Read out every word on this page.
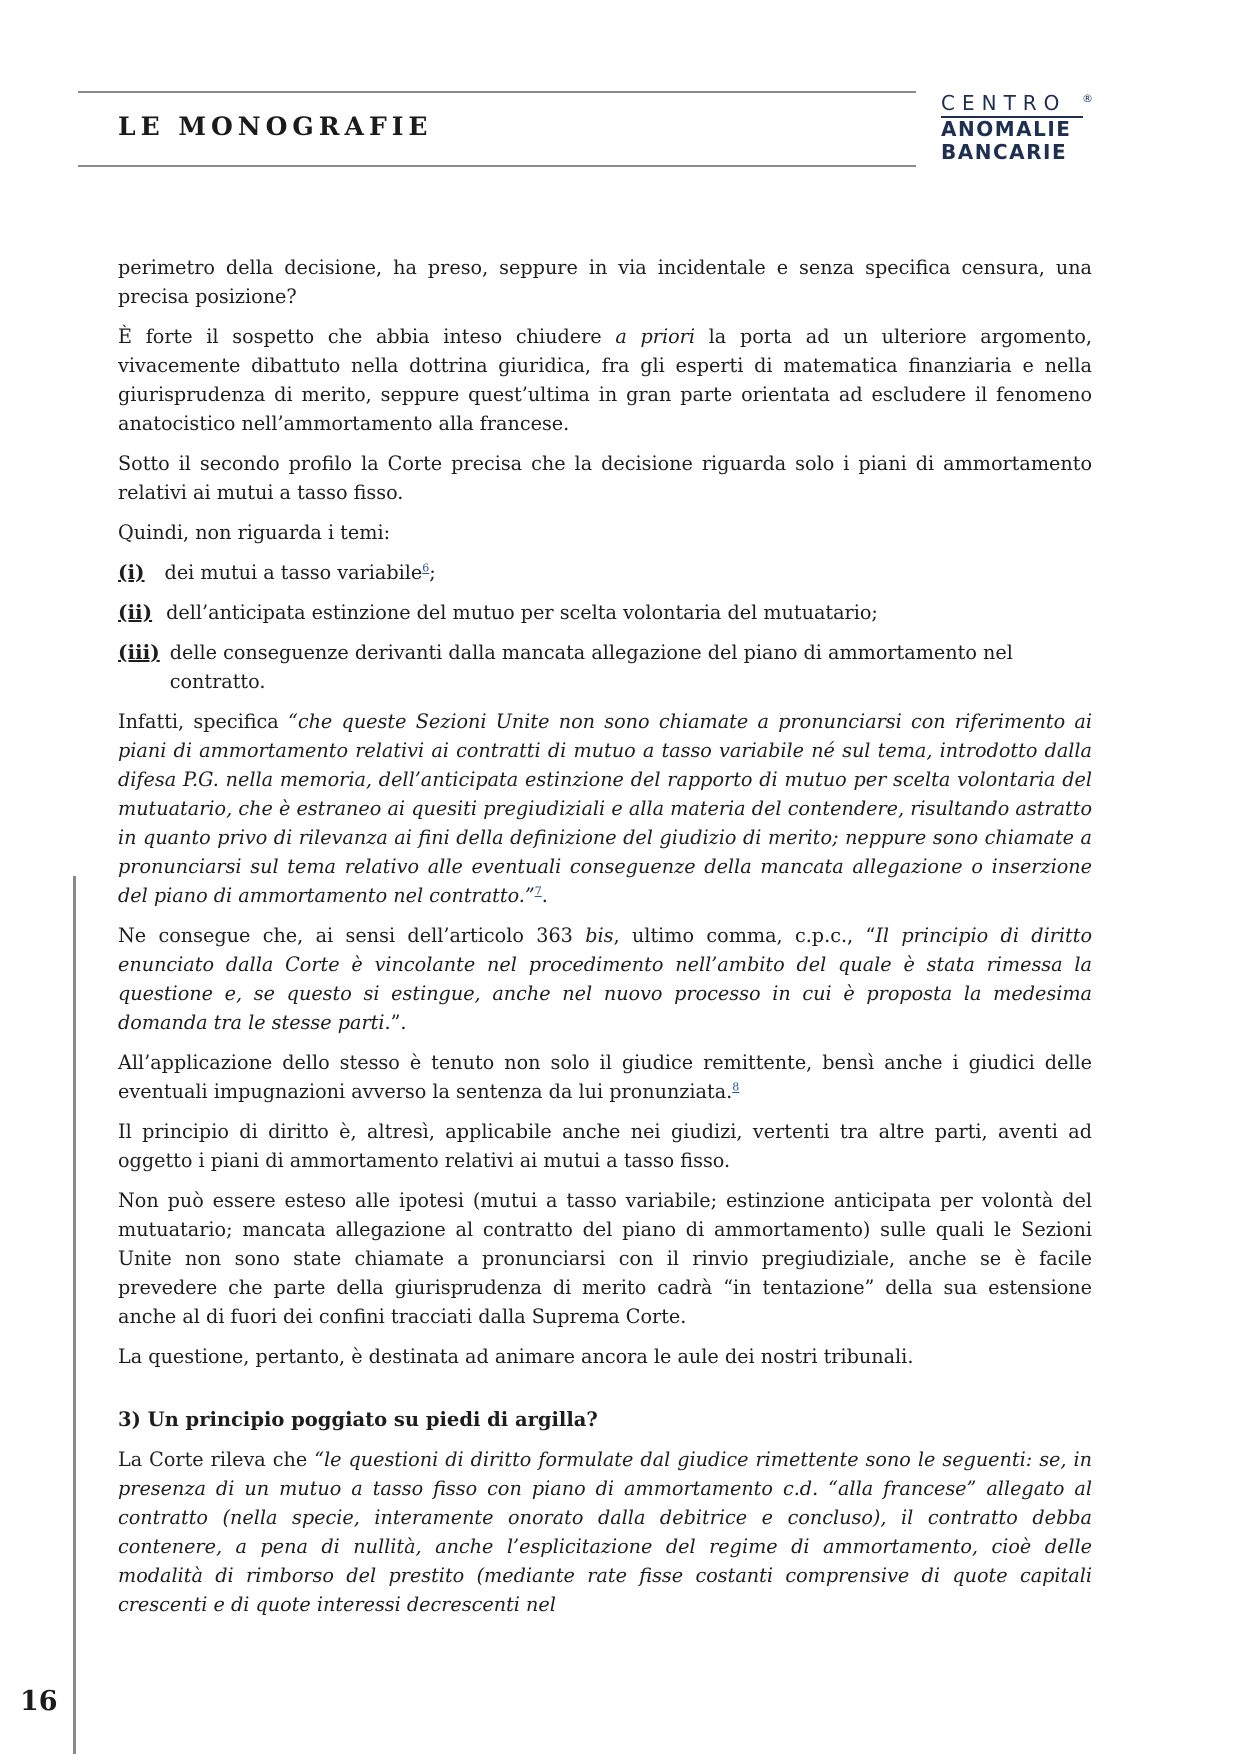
LE MONOGRAFIE
CENTRO ®
ANOMALIE
BANCARIE

perimetro della decisione, ha preso, seppure in via incidentale e senza specifica censura, una precisa posizione?

È forte il sospetto che abbia inteso chiudere a priori la porta ad un ulteriore argomento, vivacemente dibattuto nella dottrina giuridica, fra gli esperti di matematica finanziaria e nella giurisprudenza di merito, seppure quest’ultima in gran parte orientata ad escludere il fenomeno anatocistico nell’ammortamento alla francese.

Sotto il secondo profilo la Corte precisa che la decisione riguarda solo i piani di ammortamento relativi ai mutui a tasso fisso.

Quindi, non riguarda i temi:

(i) dei mutui a tasso variabile$^6$;
(ii) dell’anticipata estinzione del mutuo per scelta volontaria del mutuatario;
(iii) delle conseguenze derivanti dalla mancata allegazione del piano di ammortamento nel contratto.

Infatti, specifica “che queste Sezioni Unite non sono chiamate a pronunciarsi con riferimento ai piani di ammortamento relativi ai contratti di mutuo a tasso variabile né sul tema, introdotto dalla difesa P.G. nella memoria, dell’anticipata estinzione del rapporto di mutuo per scelta volontaria del mutuatario, che è estraneo ai quesiti pregiudiziali e alla materia del contendere, risultando astratto in quanto privo di rilevanza ai fini della definizione del giudizio di merito; neppure sono chiamate a pronunciarsi sul tema relativo alle eventuali conseguenze della mancata allegazione o inserzione del piano di ammortamento nel contratto.”$^7$.

Ne consegue che, ai sensi dell’articolo 363 bis, ultimo comma, c.p.c., “Il principio di diritto enunciato dalla Corte è vincolante nel procedimento nell’ambito del quale è stata rimessa la questione e, se questo si estingue, anche nel nuovo processo in cui è proposta la medesima domanda tra le stesse parti.”.

All’applicazione dello stesso è tenuto non solo il giudice remittente, bensì anche i giudici delle eventuali impugnazioni avverso la sentenza da lui pronunziata.$^8$

Il principio di diritto è, altresì, applicabile anche nei giudizi, vertenti tra altre parti, aventi ad oggetto i piani di ammortamento relativi ai mutui a tasso fisso.

Non può essere esteso alle ipotesi (mutui a tasso variabile; estinzione anticipata per volontà del mutuatario; mancata allegazione al contratto del piano di ammortamento) sulle quali le Sezioni Unite non sono state chiamate a pronunciarsi con il rinvio pregiudiziale, anche se è facile prevedere che parte della giurisprudenza di merito cadrà “in tentazione” della sua estensione anche al di fuori dei confini tracciati dalla Suprema Corte.

La questione, pertanto, è destinata ad animare ancora le aule dei nostri tribunali.

3) Un principio poggiato su piedi di argilla?

La Corte rileva che “le questioni di diritto formulate dal giudice rimettente sono le seguenti: se, in presenza di un mutuo a tasso fisso con piano di ammortamento c.d. “alla francese” allegato al contratto (nella specie, interamente onorato dalla debitrice e concluso), il contratto debba contenere, a pena di nullità, anche l’esplicitazione del regime di ammortamento, cioè delle modalità di rimborso del prestito (mediante rate fisse costanti comprensive di quote capitali crescenti e di quote interessi decrescenti nel

16
